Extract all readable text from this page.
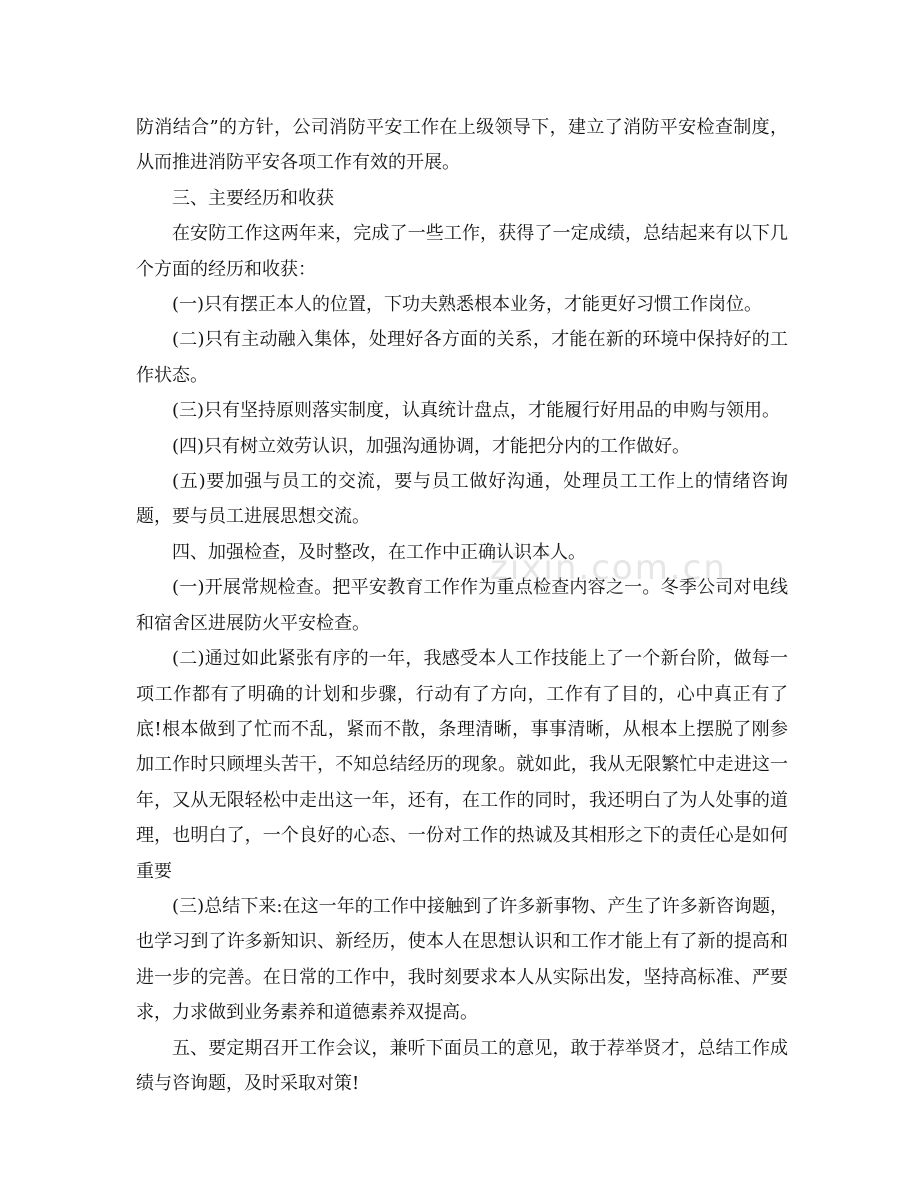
防消结合”的方针，公司消防平安工作在上级领导下，建立了消防平安检查制度，从而推进消防平安各项工作有效的开展。

三、主要经历和收获

在安防工作这两年来，完成了一些工作，获得了一定成绩，总结起来有以下几个方面的经历和收获：

(一)只有摆正本人的位置，下功夫熟悉根本业务，才能更好习惯工作岗位。

(二)只有主动融入集体，处理好各方面的关系，才能在新的环境中保持好的工作状态。

(三)只有坚持原则落实制度，认真统计盘点，才能履行好用品的申购与领用。

(四)只有树立效劳认识，加强沟通协调，才能把分内的工作做好。

(五)要加强与员工的交流，要与员工做好沟通，处理员工工作上的情绪咨询题，要与员工进展思想交流。

四、加强检查，及时整改，在工作中正确认识本人。

(一)开展常规检查。把平安教育工作作为重点检查内容之一。冬季公司对电线和宿舍区进展防火平安检查。

(二)通过如此紧张有序的一年，我感受本人工作技能上了一个新台阶，做每一项工作都有了明确的计划和步骤，行动有了方向，工作有了目的，心中真正有了底!根本做到了忙而不乱，紧而不散，条理清晰，事事清晰，从根本上摆脱了刚参加工作时只顾埋头苦干，不知总结经历的现象。就如此，我从无限繁忙中走进这一年，又从无限轻松中走出这一年，还有，在工作的同时，我还明白了为人处事的道理，也明白了，一个良好的心态、一份对工作的热诚及其相形之下的责任心是如何重要

(三)总结下来:在这一年的工作中接触到了许多新事物、产生了许多新咨询题，也学习到了许多新知识、新经历，使本人在思想认识和工作才能上有了新的提高和进一步的完善。在日常的工作中，我时刻要求本人从实际出发，坚持高标准、严要求，力求做到业务素养和道德素养双提高。

五、要定期召开工作会议，兼听下面员工的意见，敢于荐举贤才，总结工作成绩与咨询题，及时采取对策!

zixin.com.cn
